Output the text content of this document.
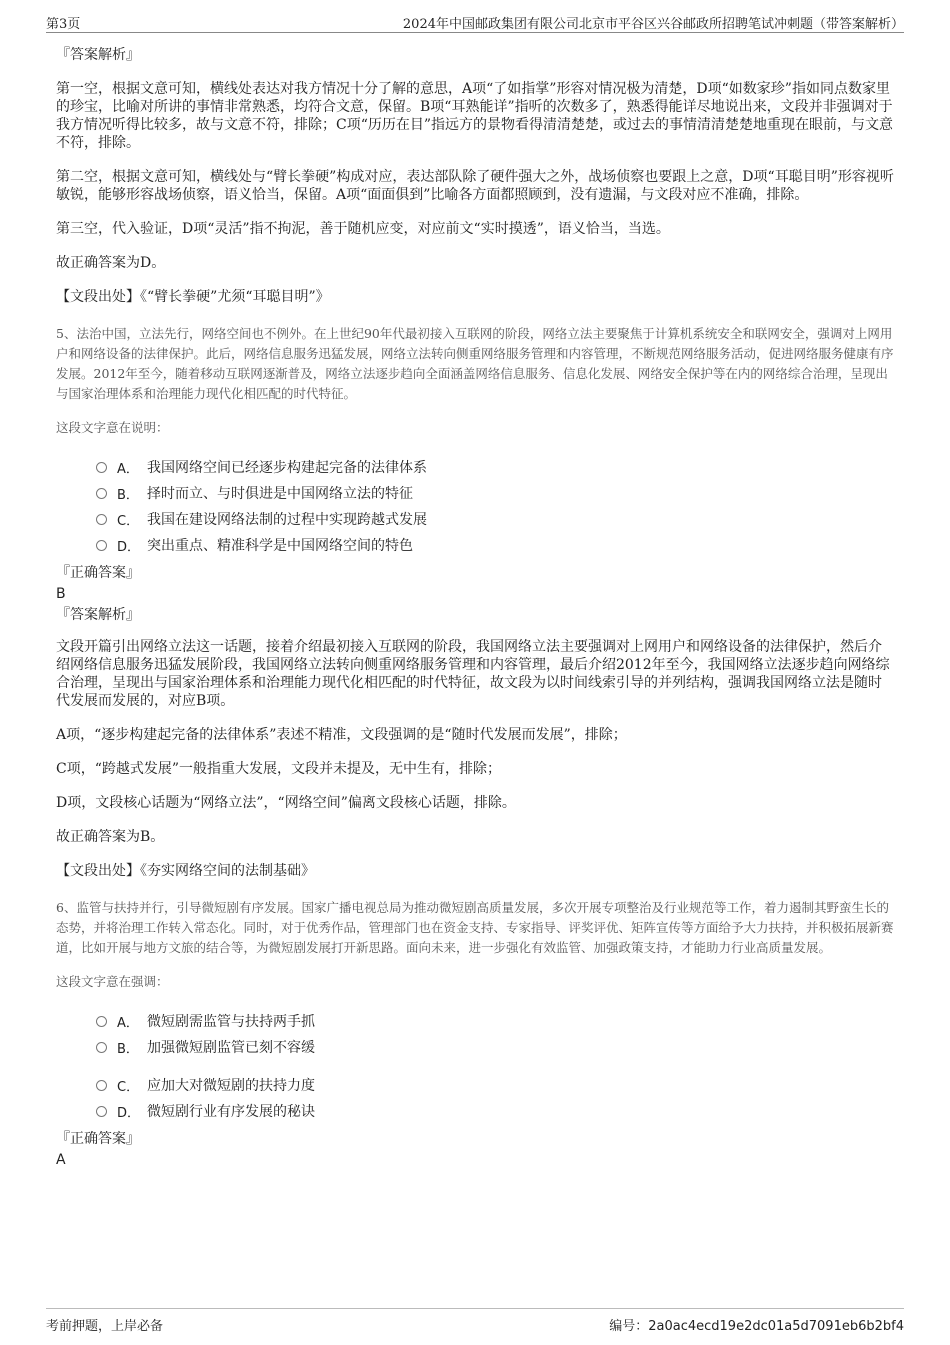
第3页	2024年中国邮政集团有限公司北京市平谷区兴谷邮政所招聘笔试冲刺题（带答案解析）

『答案解析』

第一空，根据文意可知，横线处表达对我方情况十分了解的意思，A项“了如指掌”形容对情况极为清楚，D项“如数家珍”指如同点数家里的珍宝，比喻对所讲的事情非常熟悉，均符合文意，保留。B项“耳熟能详”指听的次数多了，熟悉得能详尽地说出来，文段并非强调对于我方情况听得比较多，故与文意不符，排除；C项“历历在目”指远方的景物看得清清楚楚，或过去的事情清清楚楚地重现在眼前，与文意不符，排除。

第二空，根据文意可知，横线处与“臂长拳硬”构成对应，表达部队除了硬件强大之外，战场侦察也要跟上之意，D项“耳聪目明”形容视听敏锐，能够形容战场侦察，语义恰当，保留。A项“面面俱到”比喻各方面都照顾到，没有遗漏，与文段对应不准确，排除。

第三空，代入验证，D项“灵活”指不拘泥，善于随机应变，对应前文“实时摸透”，语义恰当，当选。

故正确答案为D。

【文段出处】《“臂长拳硬”尤须“耳聪目明”》

5、法治中国，立法先行，网络空间也不例外。在上世纪90年代最初接入互联网的阶段，网络立法主要聚焦于计算机系统安全和联网安全，强调对上网用户和网络设备的法律保护。此后，网络信息服务迅猛发展，网络立法转向侧重网络服务管理和内容管理，不断规范网络服务活动，促进网络服务健康有序发展。2012年至今，随着移动互联网逐渐普及，网络立法逐步趋向全面涵盖网络信息服务、信息化发展、网络安全保护等在内的网络综合治理，呈现出与国家治理体系和治理能力现代化相匹配的时代特征。

这段文字意在说明：

A． 我国网络空间已经逐步构建起完备的法律体系
B． 择时而立、与时俱进是中国网络立法的特征
C． 我国在建设网络法制的过程中实现跨越式发展
D． 突出重点、精准科学是中国网络空间的特色

『正确答案』

B

『答案解析』

文段开篇引出网络立法这一话题，接着介绍最初接入互联网的阶段，我国网络立法主要强调对上网用户和网络设备的法律保护，然后介绍网络信息服务迅猛发展阶段，我国网络立法转向侧重网络服务管理和内容管理，最后介绍2012年至今，我国网络立法逐步趋向网络综合治理，呈现出与国家治理体系和治理能力现代化相匹配的时代特征，故文段为以时间线索引导的并列结构，强调我国网络立法是随时代发展而发展的，对应B项。

A项，“逐步构建起完备的法律体系”表述不精准，文段强调的是“随时代发展而发展”，排除；

C项，“跨越式发展”一般指重大发展，文段并未提及，无中生有，排除；

D项，文段核心话题为“网络立法”，“网络空间”偏离文段核心话题，排除。

故正确答案为B。

【文段出处】《夯实网络空间的法制基础》

6、监管与扶持并行，引导微短剧有序发展。国家广播电视总局为推动微短剧高质量发展，多次开展专项整治及行业规范等工作，着力遏制其野蛮生长的态势，并将治理工作转入常态化。同时，对于优秀作品，管理部门也在资金支持、专家指导、评奖评优、矩阵宣传等方面给予大力扶持，并积极拓展新赛道，比如开展与地方文旅的结合等，为微短剧发展打开新思路。面向未来，进一步强化有效监管、加强政策支持，才能助力行业高质量发展。

这段文字意在强调：

A． 微短剧需监管与扶持两手抓
B． 加强微短剧监管已刻不容缓
C． 应加大对微短剧的扶持力度
D． 微短剧行业有序发展的秘诀

『正确答案』

A

考前押题，上岸必备	编号：2a0ac4ecd19e2dc01a5d7091eb6b2bf4
